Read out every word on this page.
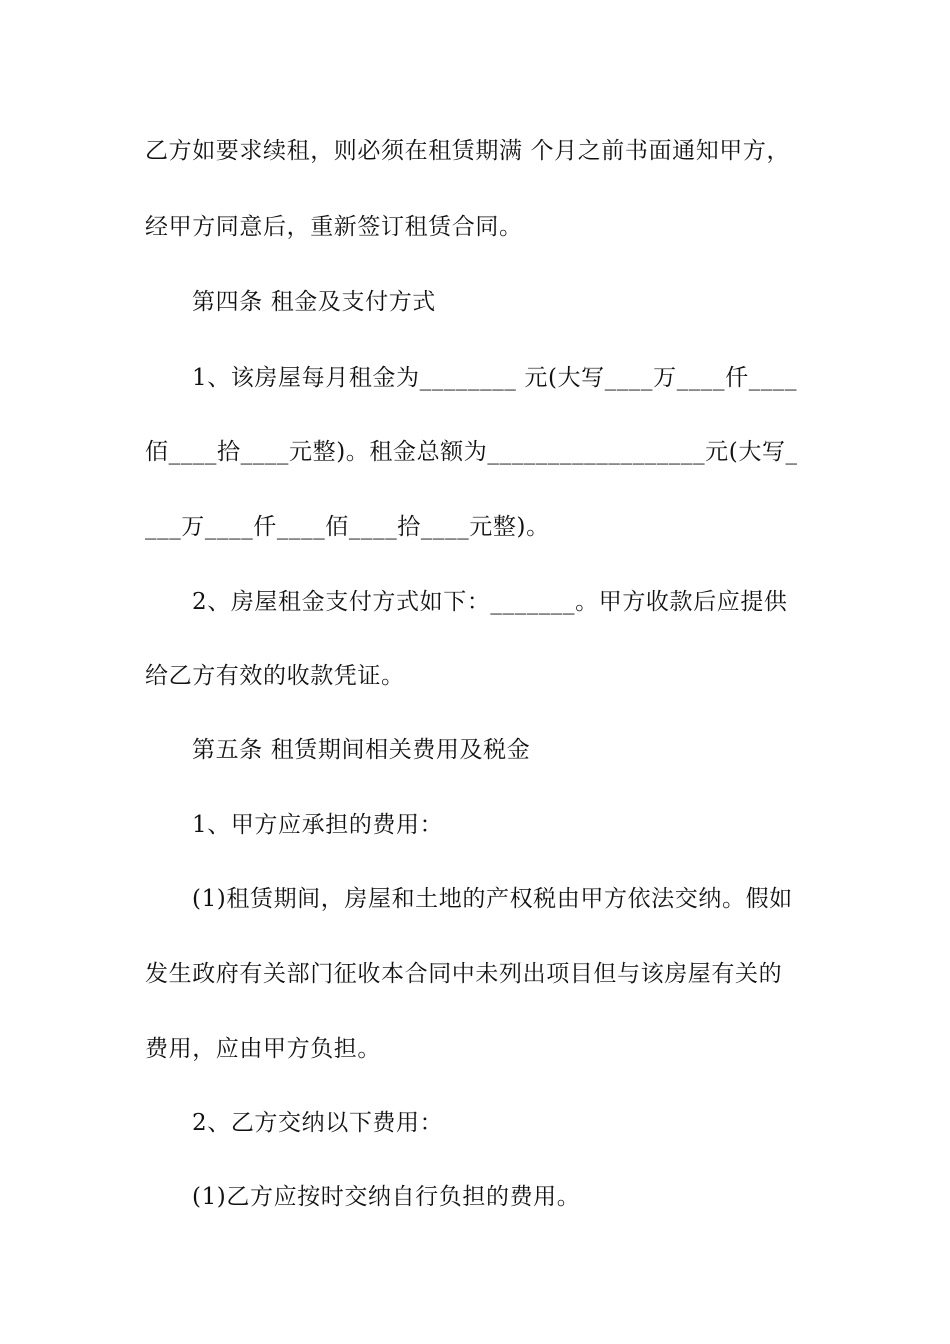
乙方如要求续租，则必须在租赁期满 个月之前书面通知甲方，
经甲方同意后，重新签订租赁合同。
第四条 租金及支付方式
1、该房屋每月租金为________ 元(大写____万____仟____
佰____拾____元整)。租金总额为__________________元(大写_
___万____仟____佰____拾____元整)。
2、房屋租金支付方式如下：_______。甲方收款后应提供
给乙方有效的收款凭证。
第五条 租赁期间相关费用及税金
1、甲方应承担的费用：
(1)租赁期间，房屋和土地的产权税由甲方依法交纳。假如
发生政府有关部门征收本合同中未列出项目但与该房屋有关的
费用，应由甲方负担。
2、乙方交纳以下费用：
(1)乙方应按时交纳自行负担的费用。
